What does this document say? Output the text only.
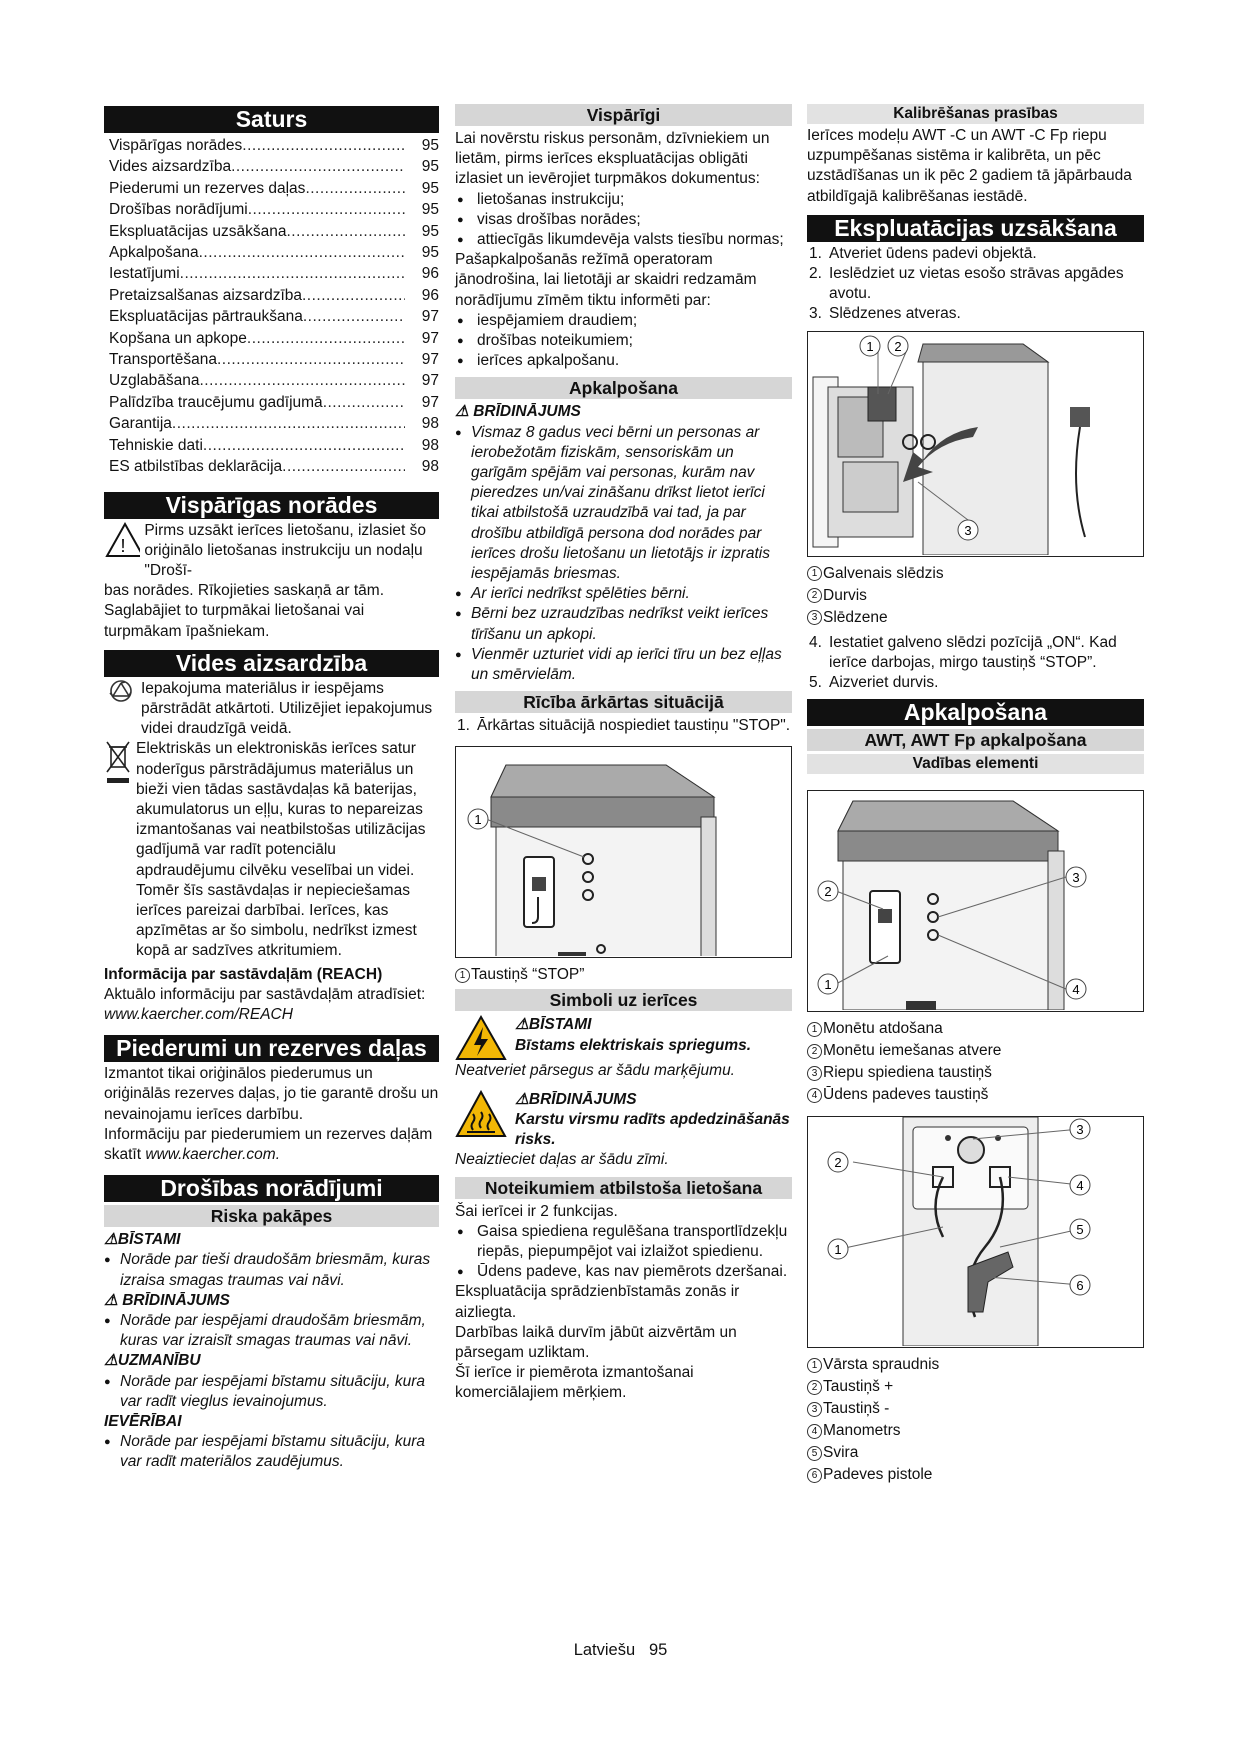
Saturs
Vispārīgas norādes .....	95
Vides aizsardzība .....	95
Piederumi un rezerves daļas .....	95
Drošības norādījumi .....	95
Ekspluatācijas uzsākšana .....	95
Apkalpošana .....	95
Iestatījumi .....	96
Pretaizsalšanas aizsardzība .....	96
Ekspluatācijas pārtraukšana .....	97
Kopšana un apkope .....	97
Transportēšana .....	97
Uzglabāšana .....	97
Palīdzība traucējumu gadījumā .....	97
Garantija .....	98
Tehniskie dati .....	98
ES atbilstības deklarācija .....	98
Vispārīgas norādes
!

Pirms uzsākt ierīces lietošanu, izlasiet šo oriģinālo lietošanas instrukciju un nodaļu "Drošī-

bas norādes. Rīkojieties saskaņā ar tām. Saglabājiet to turpmākai lietošanai vai turpmākam īpašniekam.

Vides aizsardzība

Iepakojuma materiālus ir iespējams pārstrādāt atkārtoti. Utilizējiet iepakojumus videi draudzīgā veidā.

Elektriskās un elektroniskās ierīces satur noderīgus pārstrādājumus materiālus un bieži vien tādas sastāvdaļas kā baterijas, akumulatorus un eļļu, kuras to nepareizas izmantošanas vai neatbilstošas utilizācijas gadījumā var radīt potenciālu apdraudējumu cilvēku veselībai un videi. Tomēr šīs sastāvdaļas ir nepieciešamas ierīces pareizai darbībai. Ierīces, kas apzīmētas ar šo simbolu, nedrīkst izmest kopā ar sadzīves atkritumiem.

Informācija par sastāvdaļām (REACH)

Aktuālo informāciju par sastāvdaļām atradīsiet: www.kaercher.com/REACH

Piederumi un rezerves daļas

Izmantot tikai oriģinālos piederumus un oriģinālās rezerves daļas, jo tie garantē drošu un nevainojamu ierīces darbību.

Informāciju par piederumiem un rezerves daļām skatīt www.kaercher.com.

Drošības norādījumi
Riska pakāpes

⚠BĪSTAMI

● Norāde par tieši draudošām briesmām, kuras izraisa smagas traumas vai nāvi.

⚠ BRĪDINĀJUMS

● Norāde par iespējami draudošām briesmām, kuras var izraisīt smagas traumas vai nāvi.

⚠UZMANĪBU

● Norāde par iespējami bīstamu situāciju, kura var radīt vieglus ievainojumus.

IEVĒRĪBAI

● Norāde par iespējami bīstamu situāciju, kura var radīt materiālos zaudējumus.

Vispārīgi

Lai novērstu riskus personām, dzīvniekiem un lietām, pirms ierīces ekspluatācijas obligāti izlasiet un ievērojiet turpmākos dokumentus:

● lietošanas instrukciju;

● visas drošības norādes;

● attiecīgās likumdevēja valsts tiesību normas;

Pašapkalpošanās režīmā operatoram jānodrošina, lai lietotāji ar skaidri redzamām norādījumu zīmēm tiktu informēti par:

● iespējamiem draudiem;

● drošības noteikumiem;

● ierīces apkalpošanu.

Apkalpošana

⚠ BRĪDINĀJUMS

● Vismaz 8 gadus veci bērni un personas ar ierobežotām fiziskām, sensoriskām un garīgām spējām vai personas, kurām nav pieredzes un/vai zināšanu drīkst lietot ierīci tikai atbilstošā uzraudzībā vai tad, ja par drošību atbildīgā persona dod norādes par ierīces drošu lietošanu un lietotājs ir izpratis iespējamās briesmas.

● Ar ierīci nedrīkst spēlēties bērni.

● Bērni bez uzraudzības nedrīkst veikt ierīces tīrīšanu un apkopi.

● Vienmēr uzturiet vidi ap ierīci tīru un bez eļļas un smērvielām.

Rīcība ārkārtas situācijā

1. Ārkārtas situācijā nospiediet taustiņu "STOP".

1
1 Taustiņš “STOP”
Simboli uz ierīces

⚠BĪSTAMI

Bīstams elektriskais spriegums.

Neatveriet pārsegus ar šādu marķējumu.

⚠BRĪDINĀJUMS

Karstu virsmu radīts apdedzināšanās risks.

Neaiztieciet daļas ar šādu zīmi.

Noteikumiem atbilstoša lietošana

Šai ierīcei ir 2 funkcijas.

● Gaisa spiediena regulēšana transportlīdzekļu riepās, piepumpējot vai izlaižot spiedienu.

● Ūdens padeve, kas nav piemērots dzeršanai.

Ekspluatācija sprādzienbīstamās zonās ir aizliegta.

Darbības laikā durvīm jābūt aizvērtām un pārsegam uzliktam.

Šī ierīce ir piemērota izmantošanai komerciālajiem mērķiem.

Kalibrēšanas prasības

Ierīces modeļu AWT -C un AWT -C Fp riepu uzpumpēšanas sistēma ir kalibrēta, un pēc uzstādīšanas un ik pēc 2 gadiem tā jāpārbauda atbildīgajā kalibrēšanas iestādē.

Ekspluatācijas uzsākšana

1. Atveriet ūdens padevi objektā.

2. Ieslēdziet uz vietas esošo strāvas apgādes avotu.

3. Slēdzenes atveras.

1 2
3
1 Galvenais slēdzis
2 Durvis
3 Slēdzene

4. Iestatiet galveno slēdzi pozīcijā „ON“. Kad ierīce darbojas, mirgo taustiņš “STOP”.

5. Aizveriet durvis.

Apkalpošana
AWT, AWT Fp apkalpošana
Vadības elementi
2
3
1	4
1 Monētu atdošana
2 Monētu iemešanas atvere
3 Riepu spiediena taustiņš
4 Ūdens padeves taustiņš
3
2
4
5
1
6
1 Vārsta spraudnis
2 Taustiņš +
3 Taustiņš -
4 Manometrs
5 Svira
6 Padeves pistole
Latviešu 95
